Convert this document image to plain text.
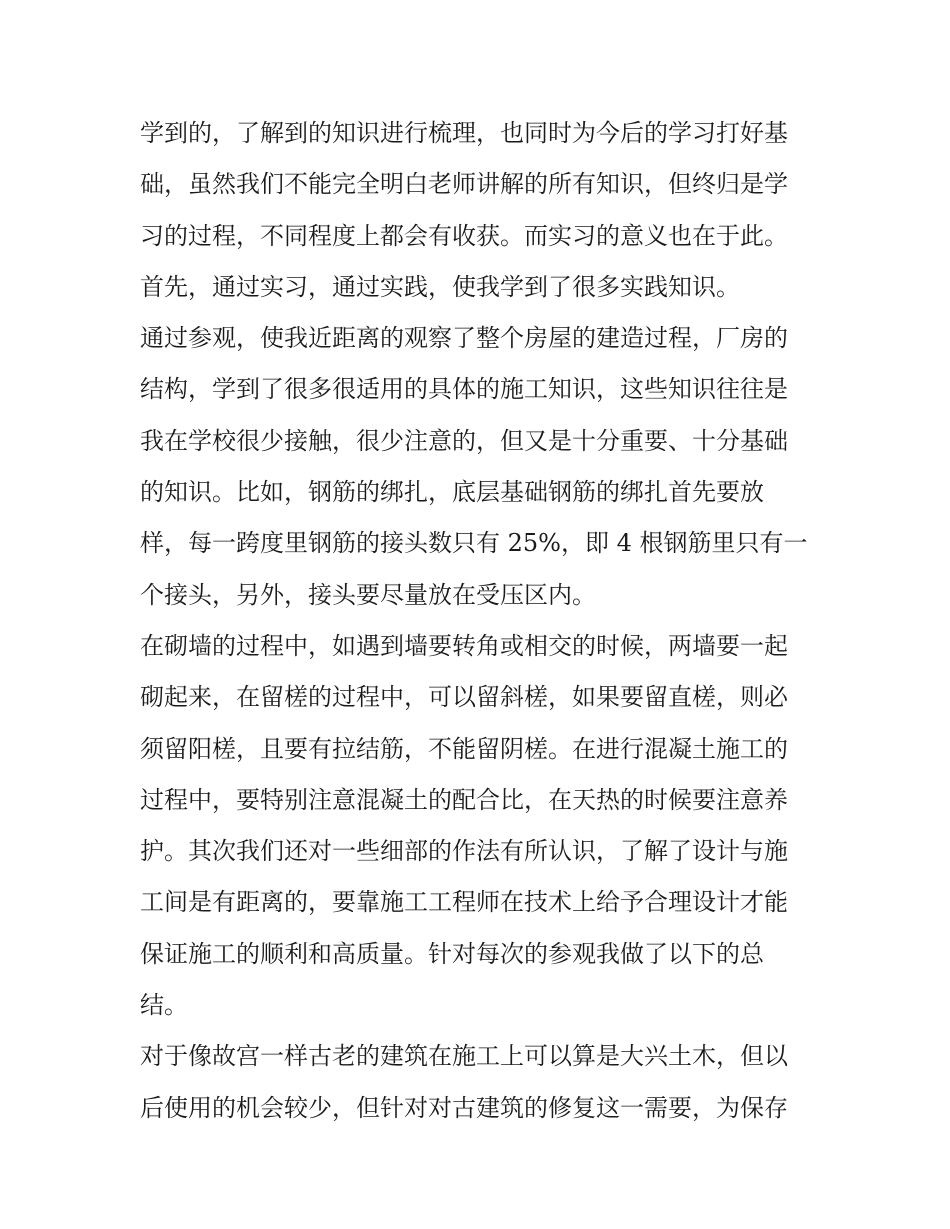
学到的，了解到的知识进行梳理，也同时为今后的学习打好基
础，虽然我们不能完全明白老师讲解的所有知识，但终归是学
习的过程，不同程度上都会有收获。而实习的意义也在于此。
首先，通过实习，通过实践，使我学到了很多实践知识。
通过参观，使我近距离的观察了整个房屋的建造过程，厂房的
结构，学到了很多很适用的具体的施工知识，这些知识往往是
我在学校很少接触，很少注意的，但又是十分重要、十分基础
的知识。比如，钢筋的绑扎，底层基础钢筋的绑扎首先要放
样，每一跨度里钢筋的接头数只有 25%，即 4 根钢筋里只有一
个接头，另外，接头要尽量放在受压区内。
在砌墙的过程中，如遇到墙要转角或相交的时候，两墙要一起
砌起来，在留槎的过程中，可以留斜槎，如果要留直槎，则必
须留阳槎，且要有拉结筋，不能留阴槎。在进行混凝土施工的
过程中，要特别注意混凝土的配合比，在天热的时候要注意养
护。其次我们还对一些细部的作法有所认识，了解了设计与施
工间是有距离的，要靠施工工程师在技术上给予合理设计才能
保证施工的顺利和高质量。针对每次的参观我做了以下的总
结。
对于像故宫一样古老的建筑在施工上可以算是大兴土木，但以
后使用的机会较少，但针对对古建筑的修复这一需要，为保存
